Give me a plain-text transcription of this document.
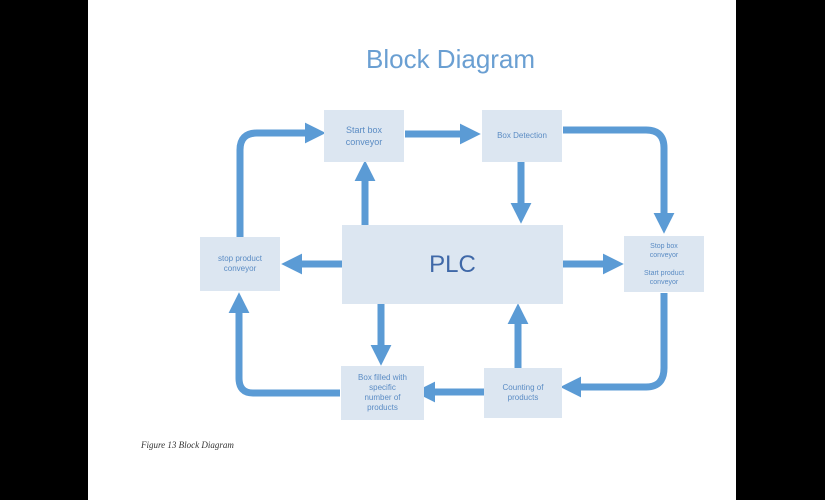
Block Diagram
Start box
conveyor
Box Detection
stop product
conveyor	PLC
Stop box
conveyor

Start product
conveyor
Box filled with
specific
number of
products
Counting of
products
Figure 13 Block Diagram
